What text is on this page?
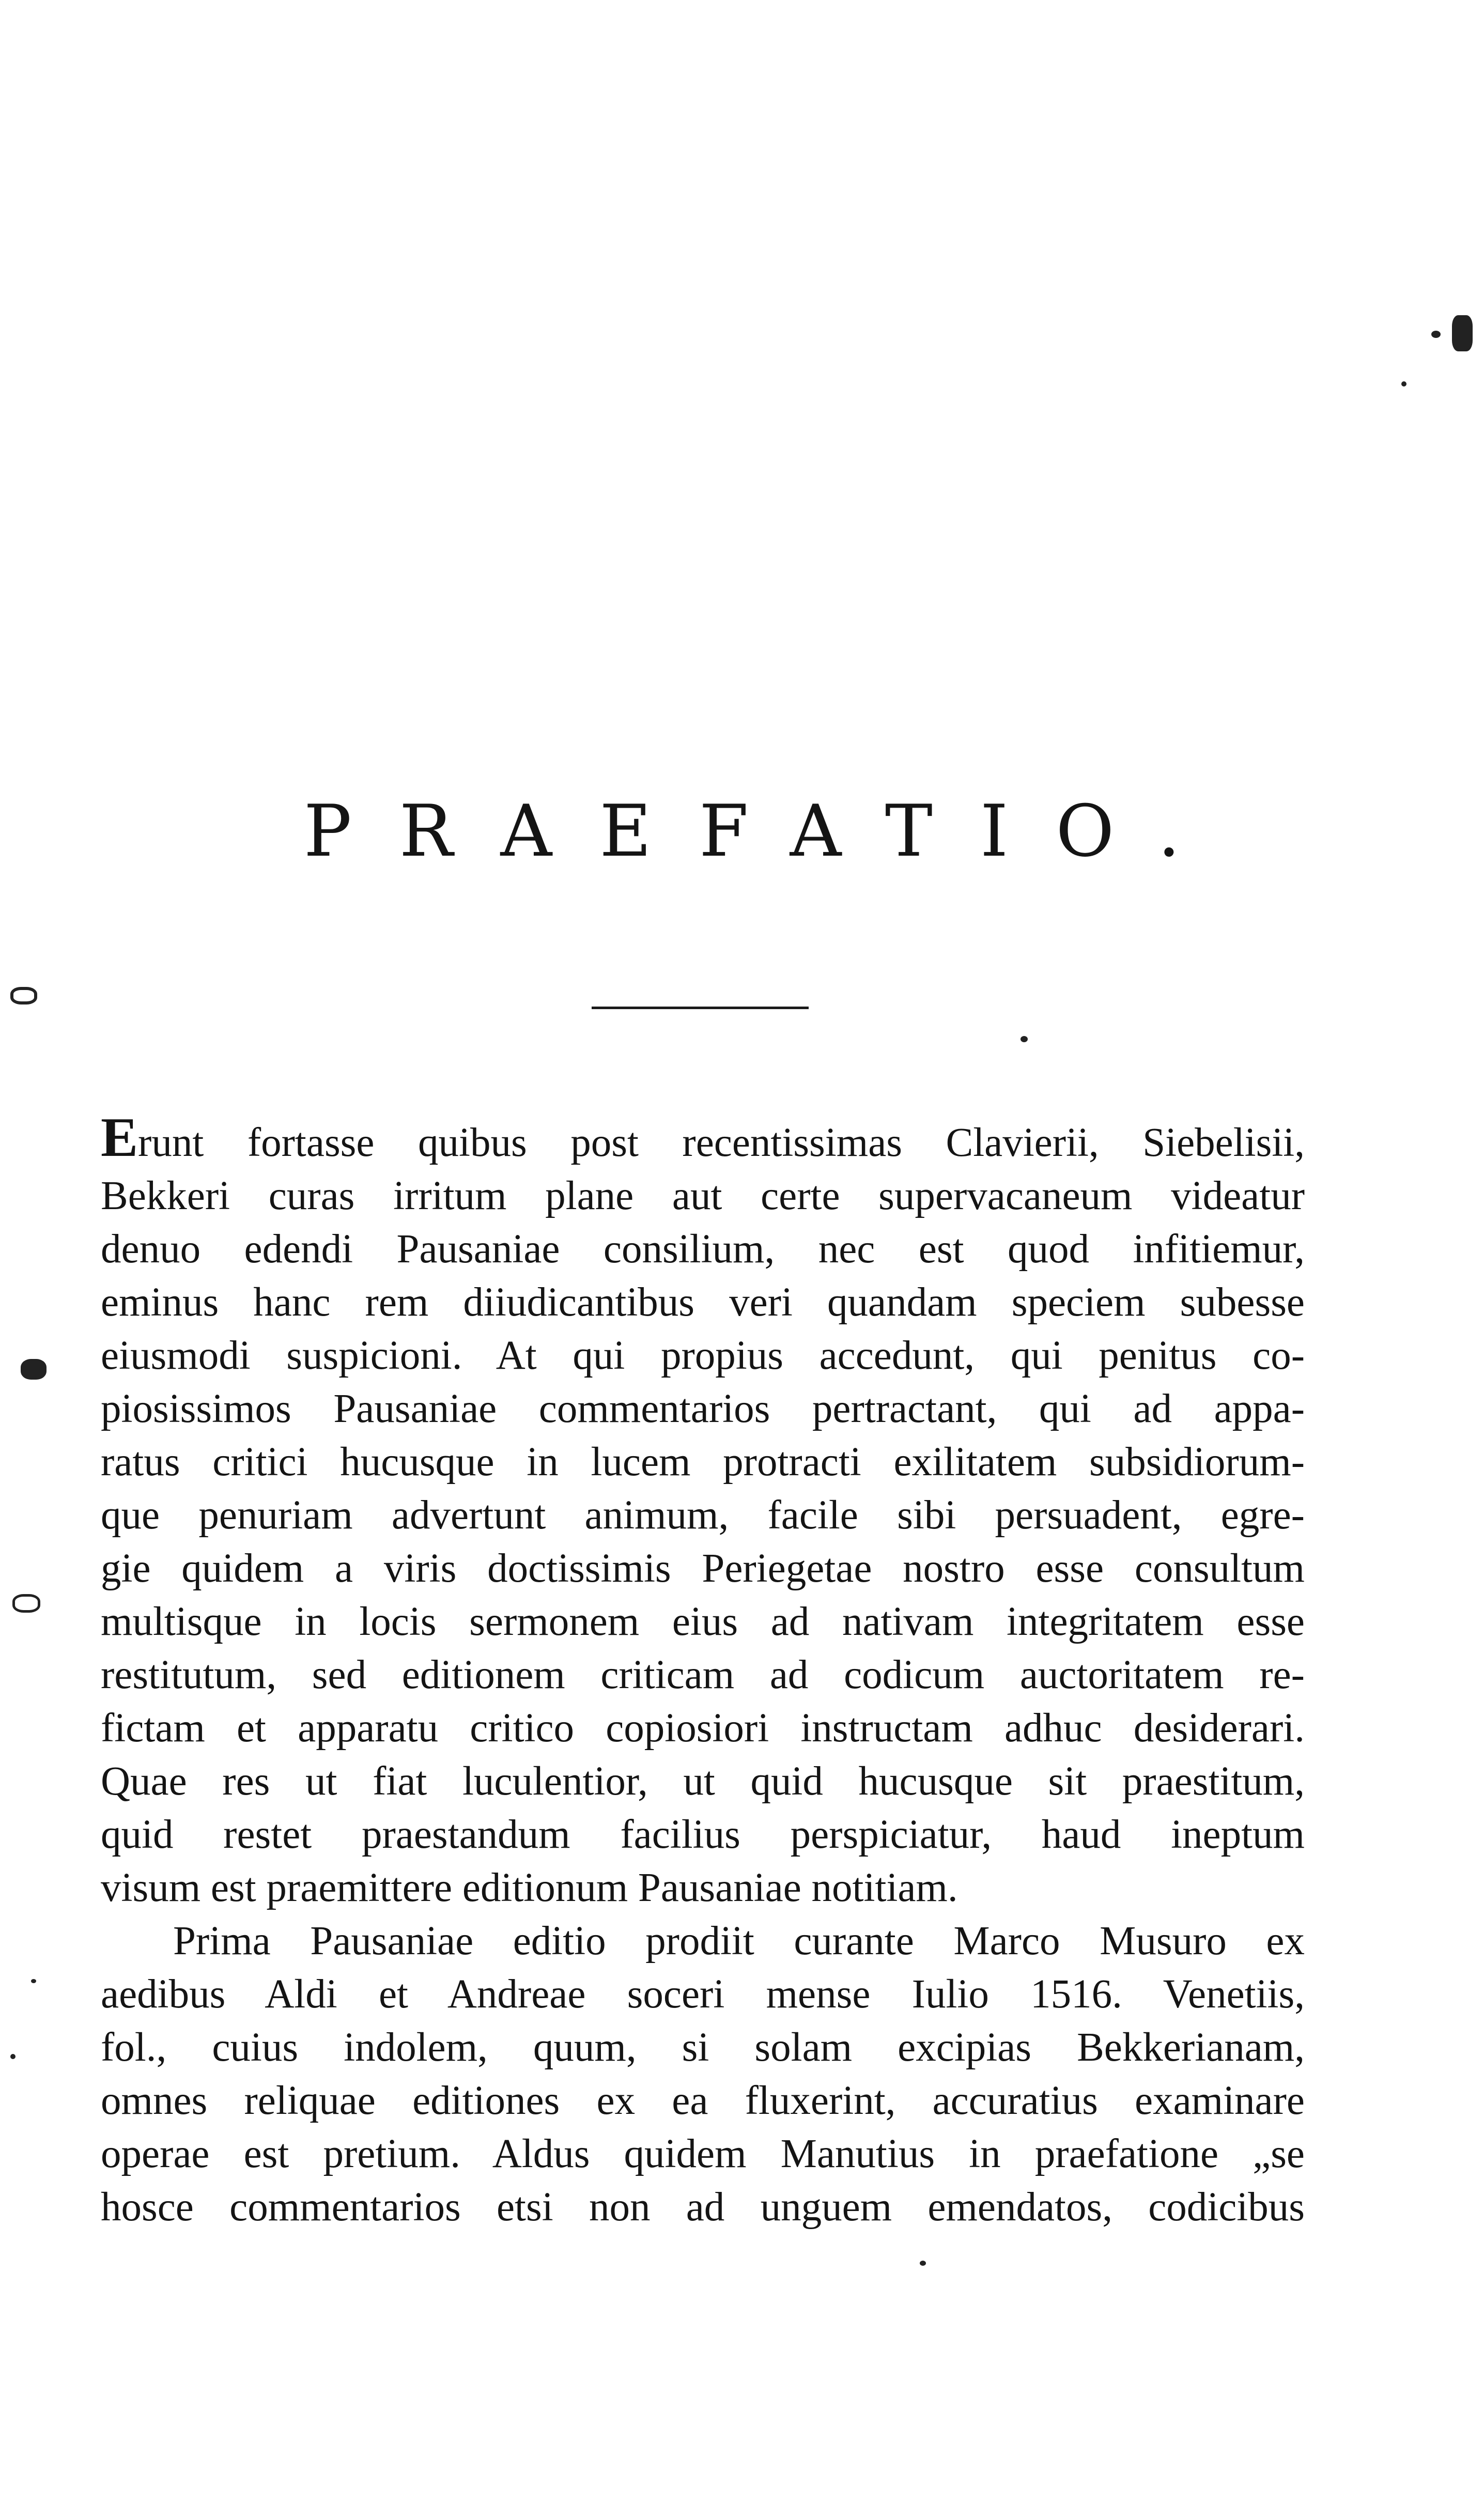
PRAEFATIO.
Erunt fortasse quibus post recentissimas Clavierii, Siebelisii,
Bekkeri curas irritum plane aut certe supervacaneum videatur
denuo edendi Pausaniae consilium, nec est quod infitiemur,
eminus hanc rem diiudicantibus veri quandam speciem subesse
eiusmodi suspicioni. At qui propius accedunt, qui penitus co-
piosissimos Pausaniae commentarios pertractant, qui ad appa-
ratus critici hucusque in lucem protracti exilitatem subsidiorum-
que penuriam advertunt animum, facile sibi persuadent, egre-
gie quidem a viris doctissimis Periegetae nostro esse consultum
multisque in locis sermonem eius ad nativam integritatem esse
restitutum, sed editionem criticam ad codicum auctoritatem re-
fictam et apparatu critico copiosiori instructam adhuc desiderari.
Quae res ut fiat luculentior, ut quid hucusque sit praestitum,
quid restet praestandum facilius perspiciatur, haud ineptum
visum est praemittere editionum Pausaniae notitiam.
Prima Pausaniae editio prodiit curante Marco Musuro ex
aedibus Aldi et Andreae soceri mense Iulio 1516. Venetiis,
fol., cuius indolem, quum, si solam excipias Bekkerianam,
omnes reliquae editiones ex ea fluxerint, accuratius examinare
operae est pretium. Aldus quidem Manutius in praefatione „se
hosce commentarios etsi non ad unguem emendatos, codicibus
